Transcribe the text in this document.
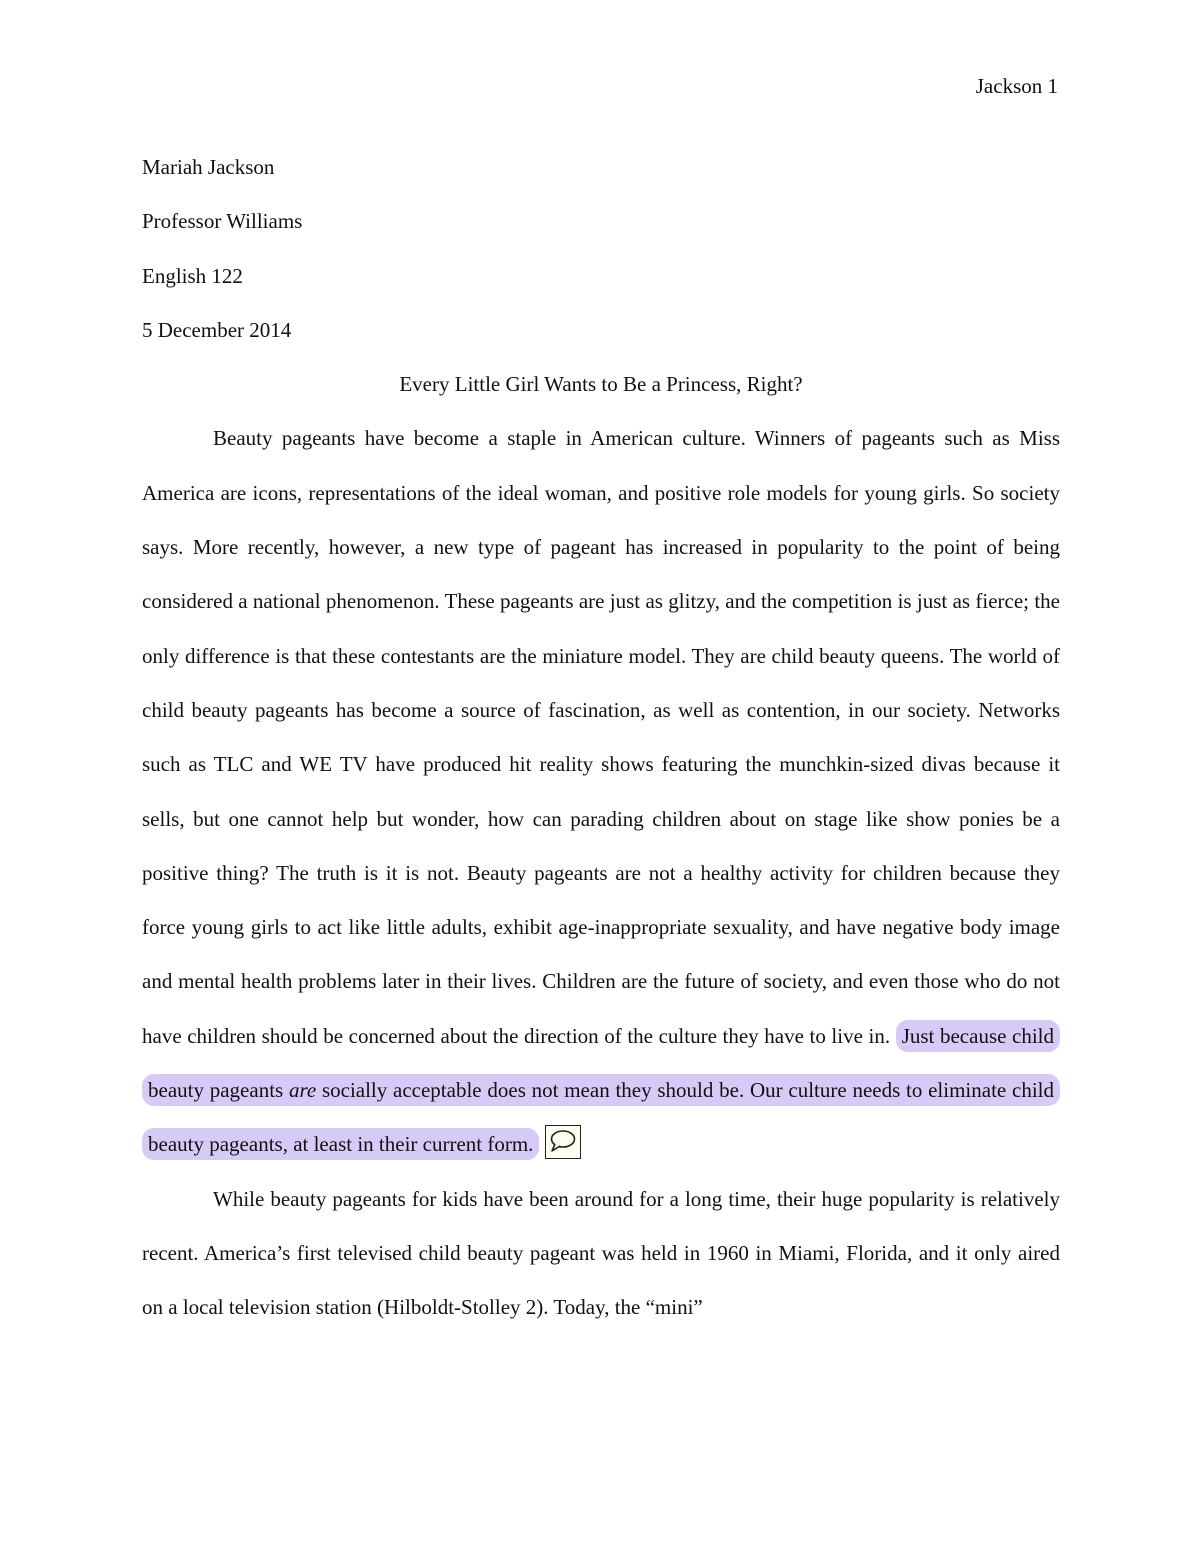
Jackson 1
Mariah Jackson
Professor Williams
English 122
5 December 2014
Every Little Girl Wants to Be a Princess, Right?

Beauty pageants have become a staple in American culture. Winners of pageants such as Miss America are icons, representations of the ideal woman, and positive role models for young girls. So society says. More recently, however, a new type of pageant has increased in popularity to the point of being considered a national phenomenon. These pageants are just as glitzy, and the competition is just as fierce; the only difference is that these contestants are the miniature model. They are child beauty queens. The world of child beauty pageants has become a source of fascination, as well as contention, in our society. Networks such as TLC and WE TV have produced hit reality shows featuring the munchkin-sized divas because it sells, but one cannot help but wonder, how can parading children about on stage like show ponies be a positive thing? The truth is it is not. Beauty pageants are not a healthy activity for children because they force young girls to act like little adults, exhibit age-inappropriate sexuality, and have negative body image and mental health problems later in their lives. Children are the future of society, and even those who do not have children should be concerned about the direction of the culture they have to live in. Just because child beauty pageants are socially acceptable does not mean they should be. Our culture needs to eliminate child beauty pageants, at least in their current form.

While beauty pageants for kids have been around for a long time, their huge popularity is relatively recent. America’s first televised child beauty pageant was held in 1960 in Miami, Florida, and it only aired on a local television station (Hilboldt-Stolley 2). Today, the “mini”
